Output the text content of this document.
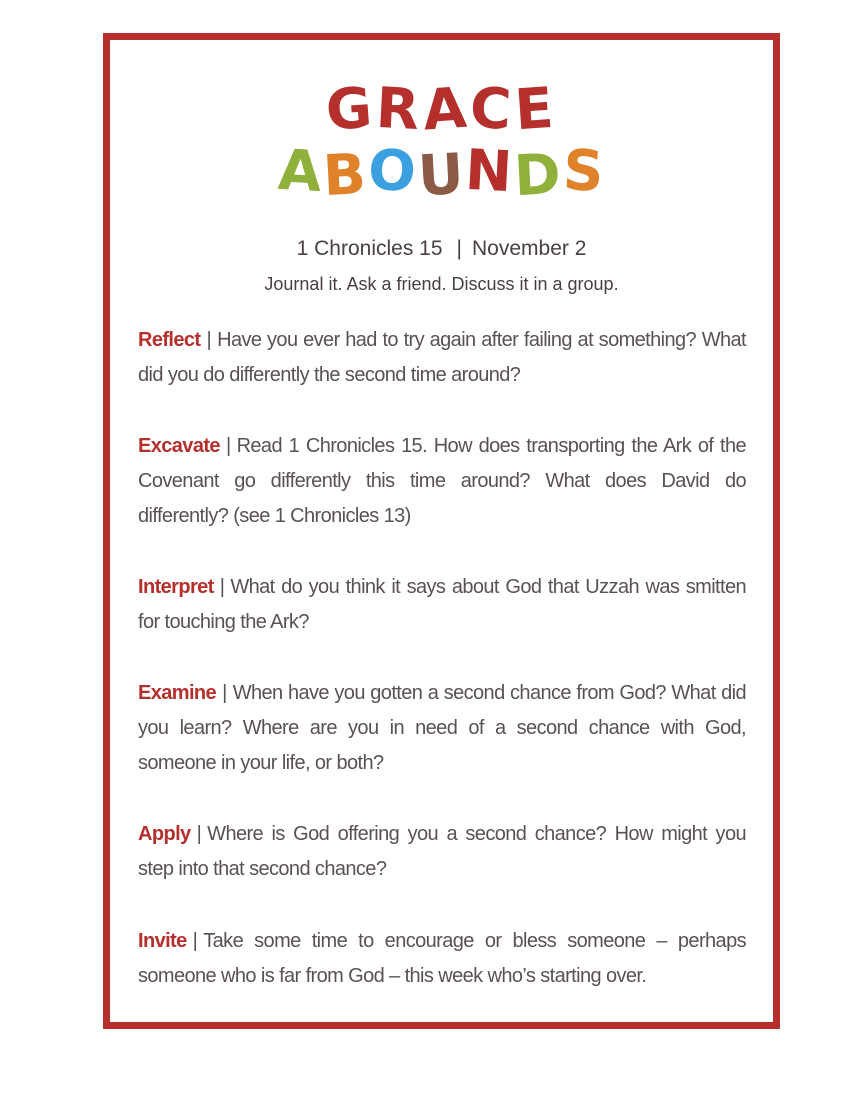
GRACE
ABOUNDS
1 Chronicles 15 | November 2
Journal it. Ask a friend. Discuss it in a group.
Reflect | Have you ever had to try again after failing at something? What did you do differently the second time around?
Excavate | Read 1 Chronicles 15. How does transporting the Ark of the Covenant go differently this time around? What does David do differently? (see 1 Chronicles 13)
Interpret | What do you think it says about God that Uzzah was smitten for touching the Ark?
Examine | When have you gotten a second chance from God? What did you learn? Where are you in need of a second chance with God, someone in your life, or both?
Apply | Where is God offering you a second chance? How might you step into that second chance?
Invite | Take some time to encourage or bless someone – perhaps someone who is far from God – this week who’s starting over.
